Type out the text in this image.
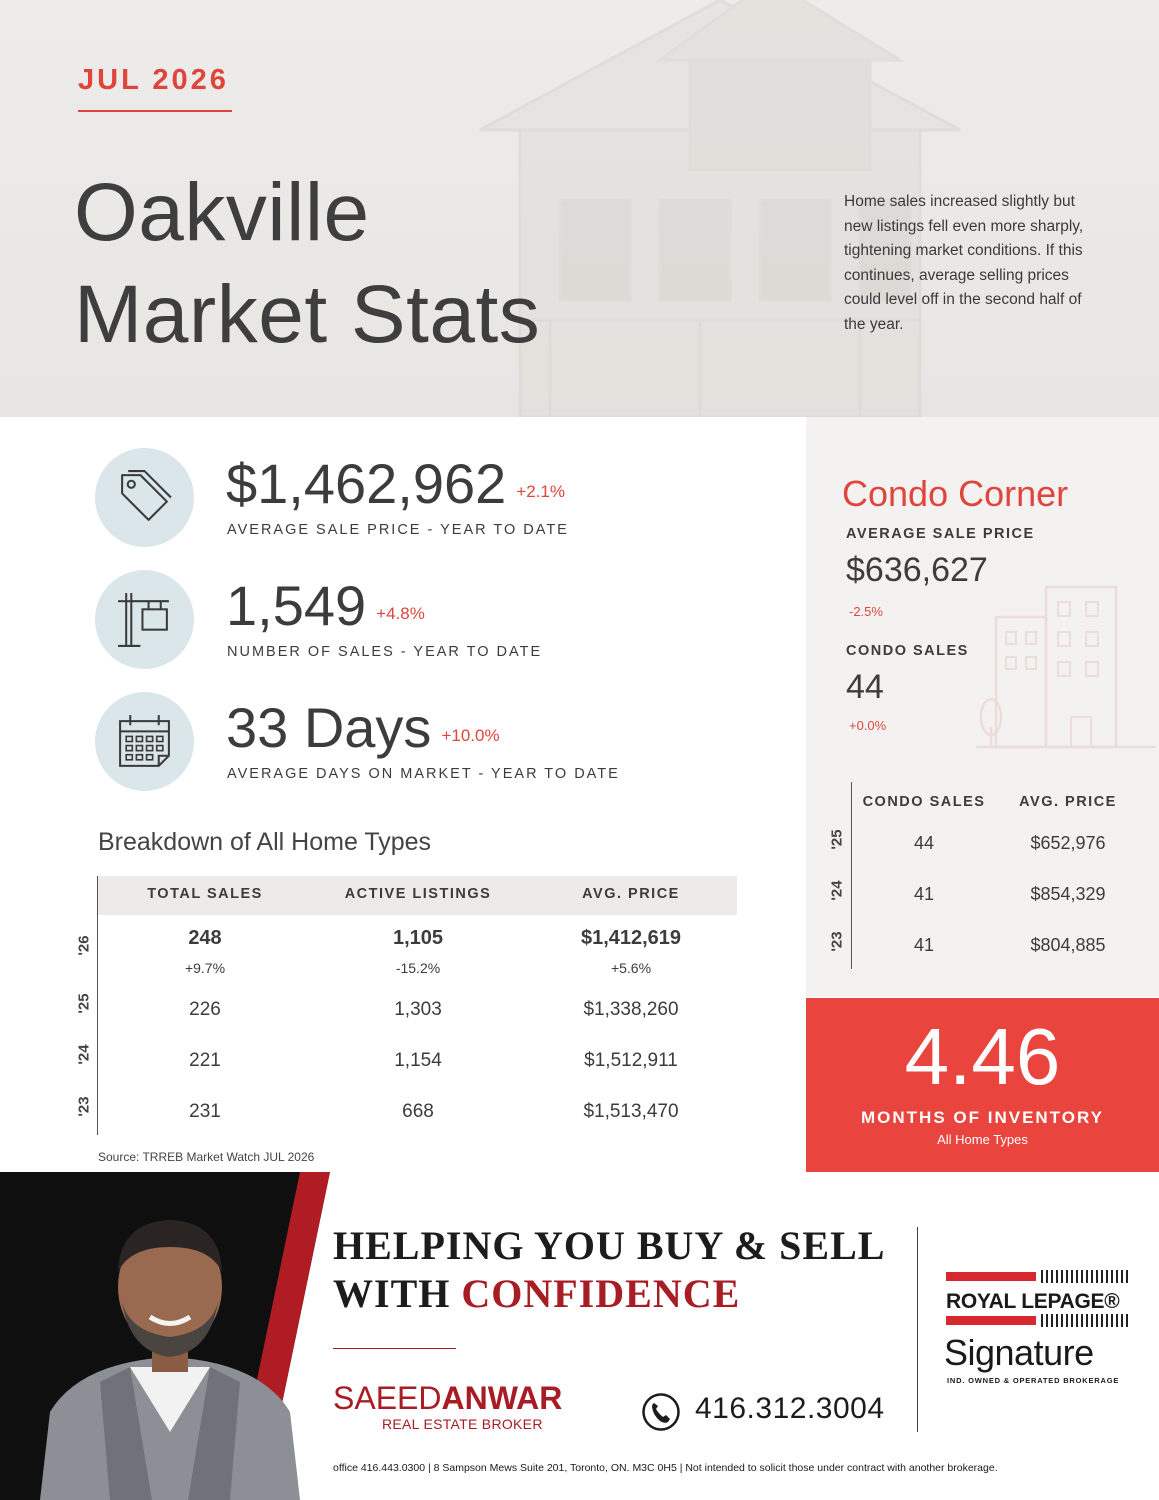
JUL 2026
Oakville
Market Stats
Home sales increased slightly but new listings fell even more sharply, tightening market conditions. If this continues, average selling prices could level off in the second half of the year.
$1,462,962 +2.1%
AVERAGE SALE PRICE - YEAR TO DATE
1,549 +4.8%
NUMBER OF SALES - YEAR TO DATE
33 Days +10.0%
AVERAGE DAYS ON MARKET - YEAR TO DATE
Breakdown of All Home Types
TOTAL SALES	ACTIVE LISTINGS	AVG. PRICE
'26	248	1,105	$1,412,619
+9.7%	-15.2%	+5.6%
'25	226	1,303	$1,338,260
'24	221	1,154	$1,512,911
'23	231	668	$1,513,470
Source: TRREB Market Watch JUL 2026
Condo Corner
AVERAGE SALE PRICE
$636,627
-2.5%
CONDO SALES
44
+0.0%
CONDO SALES AVG. PRICE
'25	44	$652,976
'24	41	$854,329
'23	41	$804,885
4.46
MONTHS OF INVENTORY
All Home Types
HELPING YOU BUY & SELL
WITH CONFIDENCE
SAEEDANWAR
REAL ESTATE BROKER	416.312.3004
ROYAL LEPAGE®
Signature
IND. OWNED & OPERATED BROKERAGE
office 416.443.0300 | 8 Sampson Mews Suite 201, Toronto, ON. M3C 0H5 | Not intended to solicit those under contract with another brokerage.
